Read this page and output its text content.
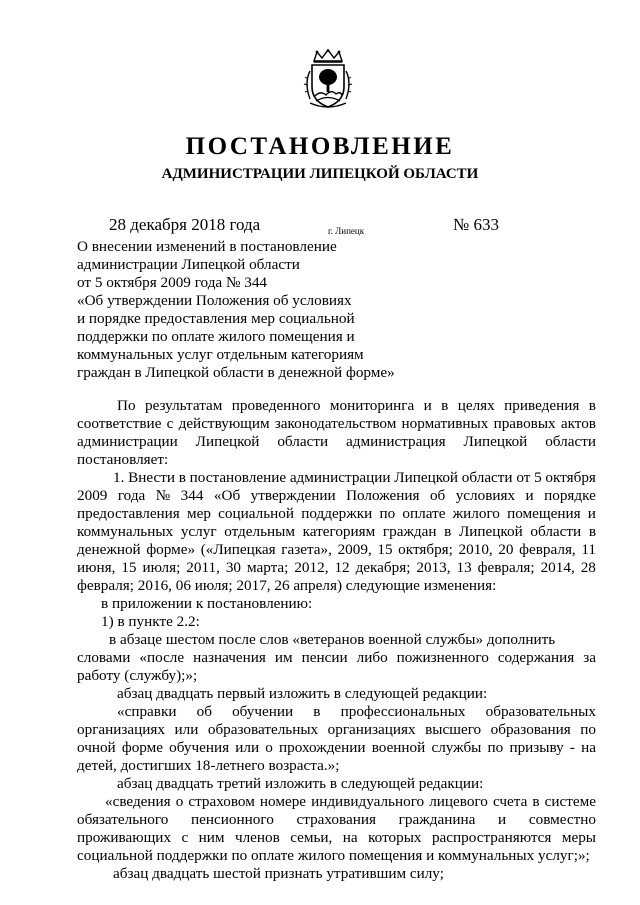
ПОСТАНОВЛЕНИЕ
АДМИНИСТРАЦИИ ЛИПЕЦКОЙ ОБЛАСТИ
28 декабря 2018 года	г. Липецк	№ 633
О внесении изменений в постановление
администрации Липецкой области
от 5 октября 2009 года № 344
«Об утверждении Положения об условиях
и порядке предоставления мер социальной
поддержки по оплате жилого помещения и
коммунальных услуг отдельным категориям
граждан в Липецкой области в денежной форме»
По результатам проведенного мониторинга и в целях приведения в
соответствие с действующим законодательством нормативных правовых актов
администрации Липецкой области администрация Липецкой области
постановляет:
1. Внести в постановление администрации Липецкой области от 5 октября
2009 года № 344 «Об утверждении Положения об условиях и порядке
предоставления мер социальной поддержки по оплате жилого помещения и
коммунальных услуг отдельным категориям граждан в Липецкой области в
денежной форме» («Липецкая газета», 2009, 15 октября; 2010, 20 февраля, 11
июня, 15 июля; 2011, 30 марта; 2012, 12 декабря; 2013, 13 февраля; 2014, 28
февраля; 2016, 06 июля; 2017, 26 апреля) следующие изменения:
в приложении к постановлению:
1) в пункте 2.2:
в абзаце шестом после слов «ветеранов военной службы» дополнить
словами «после назначения им пенсии либо пожизненного содержания за
работу (службу);»;
абзац двадцать первый изложить в следующей редакции:
«справки об обучении в профессиональных образовательных
организациях или образовательных организациях высшего образования по
очной форме обучения или о прохождении военной службы по призыву - на
детей, достигших 18-летнего возраста.»;
абзац двадцать третий изложить в следующей редакции:
«сведения о страховом номере индивидуального лицевого счета в системе
обязательного пенсионного страхования гражданина и совместно
проживающих с ним членов семьи, на которых распространяются меры
социальной поддержки по оплате жилого помещения и коммунальных услуг;»;
абзац двадцать шестой признать утратившим силу;
